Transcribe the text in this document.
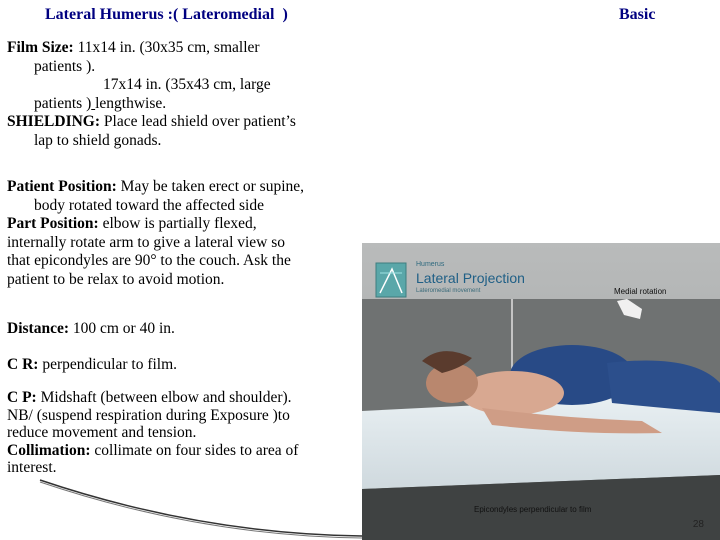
Lateral Humerus :( Lateromedial  )	Basic
Film Size: 11x14 in. (30x35 cm, smaller
patients ).
17x14 in. (35x43 cm, large
patients ) lengthwise.
SHIELDING: Place lead shield over patient’s
lap to shield gonads.
Patient Position: May be taken erect or supine,
body rotated toward the affected side
Part Position: elbow is partially flexed,
internally rotate arm to give a lateral view so
that epicondyles are 90° to the couch. Ask the
patient to be relax to avoid motion.
Distance: 100 cm or 40 in.
C R: perpendicular to film.
C P: Midshaft (between elbow and shoulder).
NB/ (suspend respiration during Exposure )to
reduce movement and tension.
Collimation: collimate on four sides to area of
interest.
Humerus
Lateral Projection
Lateromedial movement	Medial rotation
Epicondyles perpendicular to film
28
